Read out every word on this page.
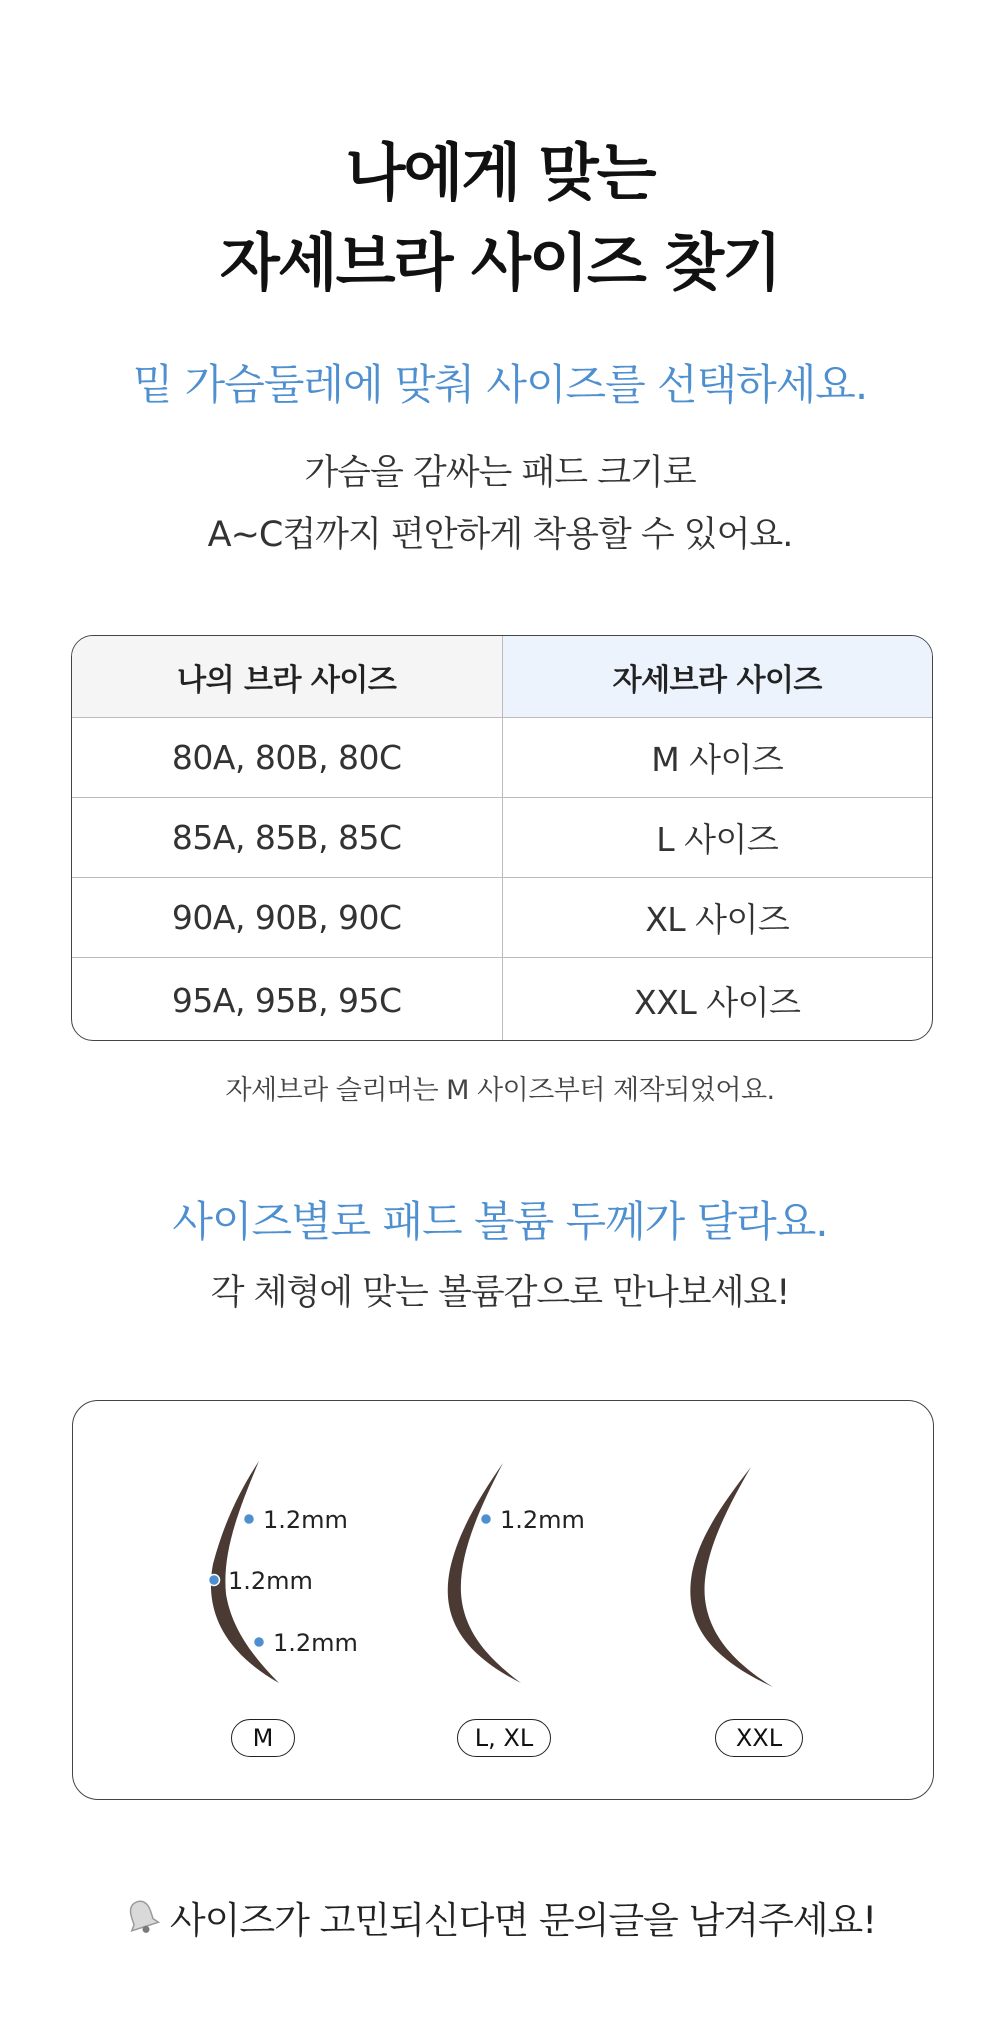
나에게 맞는
자세브라 사이즈 찾기
밑 가슴둘레에 맞춰 사이즈를 선택하세요.
가슴을 감싸는 패드 크기로
A~C컵까지 편안하게 착용할 수 있어요.
나의 브라 사이즈	자세브라 사이즈
80A, 80B, 80C	M 사이즈
85A, 85B, 85C	L 사이즈
90A, 90B, 90C	XL 사이즈
95A, 95B, 95C	XXL 사이즈
자세브라 슬리머는 M 사이즈부터 제작되었어요.
사이즈별로 패드 볼륨 두께가 달라요.
각 체형에 맞는 볼륨감으로 만나보세요!
1.2mm
1.2mm
1.2mm
1.2mm
M	L, XL	XXL
사이즈가 고민되신다면 문의글을 남겨주세요!
